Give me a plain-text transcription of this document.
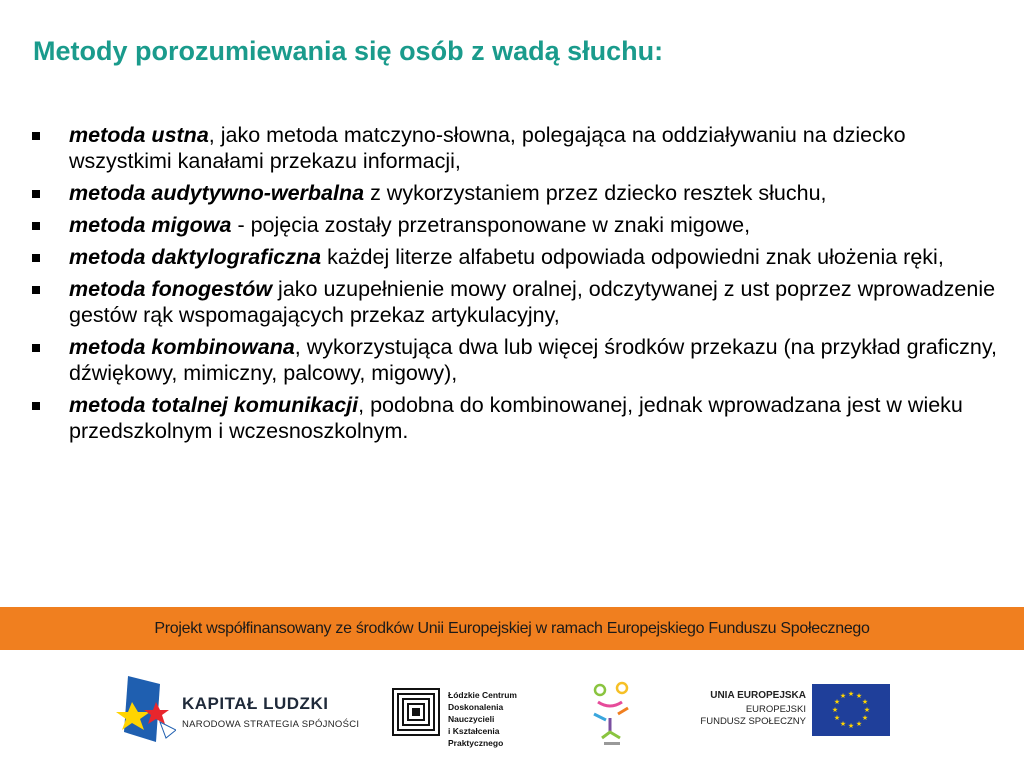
Metody porozumiewania się osób z wadą słuchu:
metoda ustna, jako metoda matczyno-słowna, polegająca na oddziaływaniu na dziecko wszystkimi kanałami przekazu informacji,
metoda audytywno-werbalna z wykorzystaniem przez dziecko resztek słuchu,
metoda migowa - pojęcia zostały przetransponowane w znaki migowe,
metoda daktylograficzna każdej literze alfabetu odpowiada odpowiedni znak ułożenia ręki,
metoda fonogestów jako uzupełnienie mowy oralnej, odczytywanej z ust poprzez wprowadzenie gestów rąk wspomagających przekaz artykulacyjny,
metoda kombinowana, wykorzystująca dwa lub więcej środków przekazu (na przykład graficzny, dźwiękowy, mimiczny, palcowy, migowy),
metoda totalnej komunikacji, podobna do kombinowanej, jednak wprowadzana jest w wieku przedszkolnym i wczesnoszkolnym.
Projekt współfinansowany ze środków Unii Europejskiej w ramach Europejskiego Funduszu Społecznego
KAPITAŁ LUDZKI
NARODOWA STRATEGIA SPÓJNOŚCI
Łódzkie Centrum
Doskonalenia Nauczycieli
i Kształcenia Praktycznego
UNIA EUROPEJSKA
EUROPEJSKI
FUNDUSZ SPOŁECZNY
★ ★
★
★
★
★
★
★
★
★
★
★
